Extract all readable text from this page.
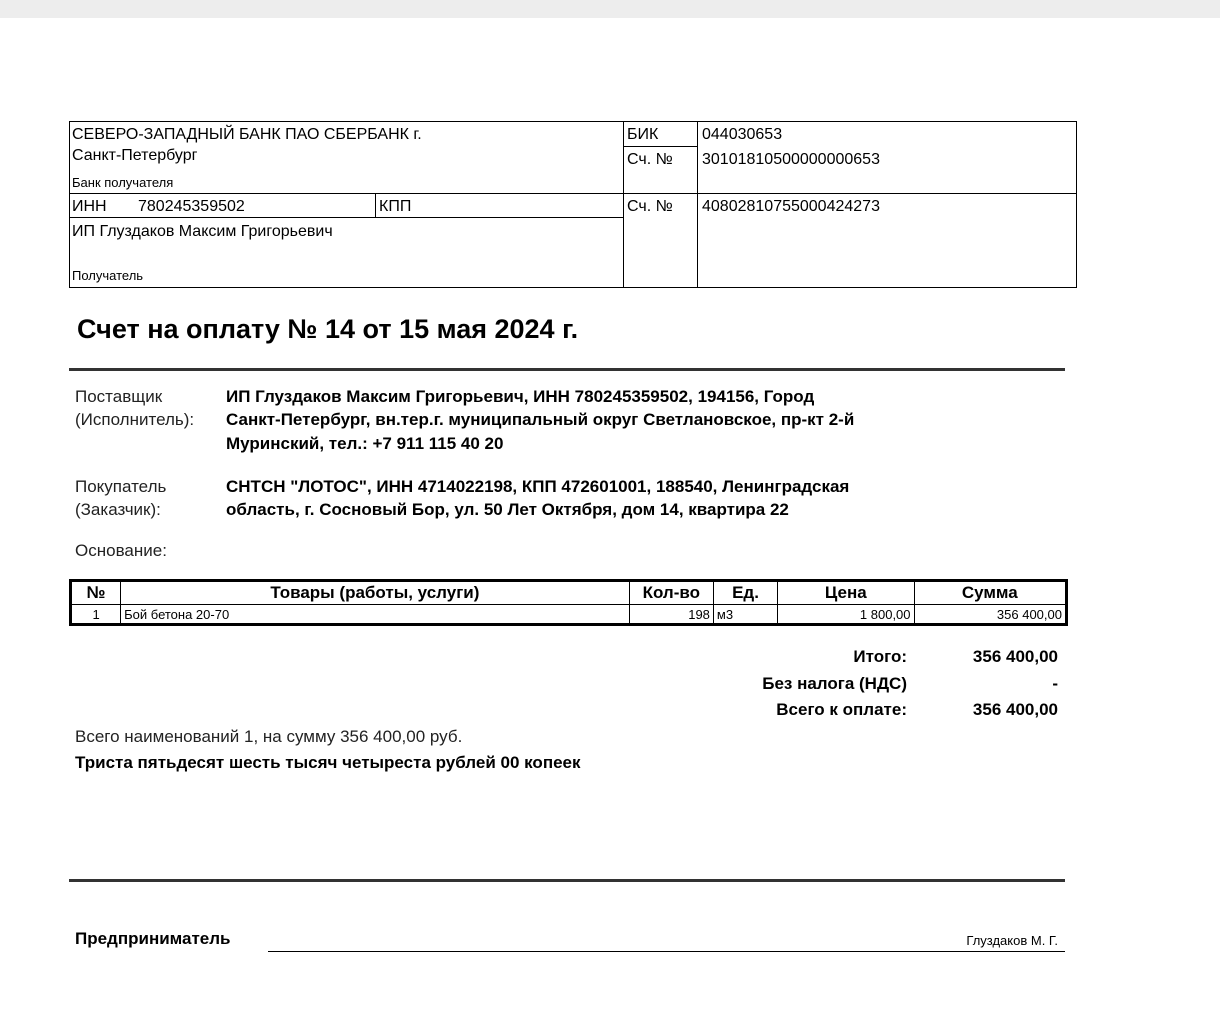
СЕВЕРО-ЗАПАДНЫЙ БАНК ПАО СБЕРБАНК г.
Санкт-Петербург
Банк получателя
БИК	044030653
Сч. № 30101810500000000653
ИНН 780245359502	КПП	Сч. № 40802810755000424273
ИП Глуздаков Максим Григорьевич
Получатель
Счет на оплату № 14 от 15 мая 2024 г.
Поставщик
(Исполнитель):
ИП Глуздаков Максим Григорьевич, ИНН 780245359502, 194156, Город
Санкт-Петербург, вн.тер.г. муниципальный округ Светлановское, пр-кт 2-й
Муринский, тел.: +7 911 115 40 20
Покупатель
(Заказчик):
СНТСН "ЛОТОС", ИНН 4714022198, КПП 472601001, 188540, Ленинградская
область, г. Сосновый Бор, ул. 50 Лет Октября, дом 14, квартира 22
Основание:
№	Товары (работы, услуги)	Кол-во	Ед.	Цена	Сумма
1	Бой бетона 20-70	198	м3	1 800,00	356 400,00
Итого:	356 400,00
Без налога (НДС)	-
Всего к оплате:	356 400,00
Всего наименований 1, на сумму 356 400,00 руб.
Триста пятьдесят шесть тысяч четыреста рублей 00 копеек
Предприниматель	Глуздаков М. Г.
